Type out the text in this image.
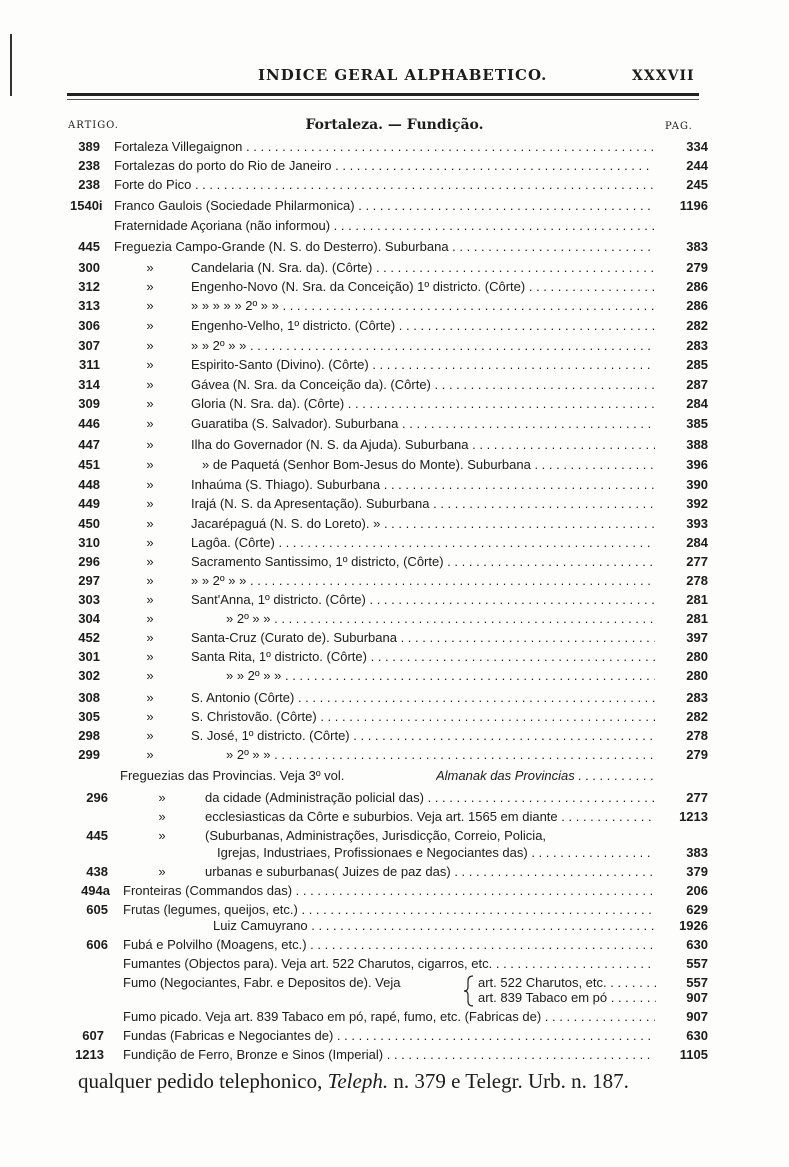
INDICE GERAL ALPHABETICO.	XXXVII
ARTIGO.	Fortaleza. — Fundição.	PAG.
389 Fortaleza Villegaignon . . .	334
238 Fortalezas do porto do Rio de Janeiro . . .	244
238 Forte do Pico . . .	245
1540i Franco Gaulois (Sociedade Philarmonica) . . .	1196
Fraternidade Açoriana (não informou) . . .
445 Freguezia Campo-Grande (N. S. do Desterro). Suburbana . . .	383
300	»	Candelaria (N. Sra. da). (Côrte) . . .	279
312	»	Engenho-Novo (N. Sra. da Conceição) 1º districto. (Côrte) . . .	286
313	»	» » » » » 2º » » . . .	286
306	»	Engenho-Velho, 1º districto. (Côrte) . . .	282
307	»	» » 2º » » . . .	283
311	»	Espirito-Santo (Divino). (Côrte) . . .	285
314	»	Gávea (N. Sra. da Conceição da). (Côrte) . . .	287
309	»	Gloria (N. Sra. da). (Côrte) . . .	284
446	»	Guaratiba (S. Salvador). Suburbana . . .	385
447	»	Ilha do Governador (N. S. da Ajuda). Suburbana . . .	388
451	»	» de Paquetá (Senhor Bom-Jesus do Monte). Suburbana . . .	396
448	»	Inhaúma (S. Thiago). Suburbana . . .	390
449	»	Irajá (N. S. da Apresentação). Suburbana . . .	392
450	»	Jacarépaguá (N. S. do Loreto). » . . .	393
310	»	Lagôa. (Côrte) . . .	284
296	»	Sacramento Santissimo, 1º districto, (Côrte) . . .	277
297	»	» » 2º » » . . .	278
303	»	Sant'Anna, 1º districto. (Côrte) . . .	281
304	»	» 2º » » . . .	281
452	»	Santa-Cruz (Curato de). Suburbana . . .	397
301	»	Santa Rita, 1º districto. (Côrte) . . .	280
302	»	» » 2º » » . . .	280
308	»	S. Antonio (Côrte) . . .	283
305	»	S. Christovão. (Côrte) . . .	282
298	»	S. José, 1º districto. (Côrte) . . .	278
299	»	» 2º » » . . .	279
Freguezias das Provincias. Veja 3º vol.	Almanak das Provincias . . .
296	»	da cidade (Administração policial das) . . .	277
»	ecclesiasticas da Côrte e suburbios. Veja art. 1565 em diante . . .	1213
445	»	(Suburbanas, Administrações, Jurisdicção, Correio, Policia,
Igrejas, Industriaes, Profissionaes e Negociantes das) . . .	383
438	»	urbanas e suburbanas( Juizes de paz das) . . .	379
494a Fronteiras (Commandos das) . . .	206
605 Frutas (legumes, queijos, etc.) . . .	629
Luiz Camuyrano . . .	1926
606 Fubá e Polvilho (Moagens, etc.) . . .	630
Fumantes (Objectos para). Veja art. 522 Charutos, cigarros, etc. . . .	557
Fumo (Negociantes, Fabr. e Depositos de). Veja	art. 522 Charutos, etc. . . .	557
art. 839 Tabaco em pó . . .	907
Fumo picado. Veja art. 839 Tabaco em pó, rapé, fumo, etc. (Fabricas de) . . .	907
607 Fundas (Fabricas e Negociantes de) . . .	630
1213 Fundição de Ferro, Bronze e Sinos (Imperial) . . .	1105
qualquer pedido telephonico, Teleph. n. 379 e Telegr. Urb. n. 187.
